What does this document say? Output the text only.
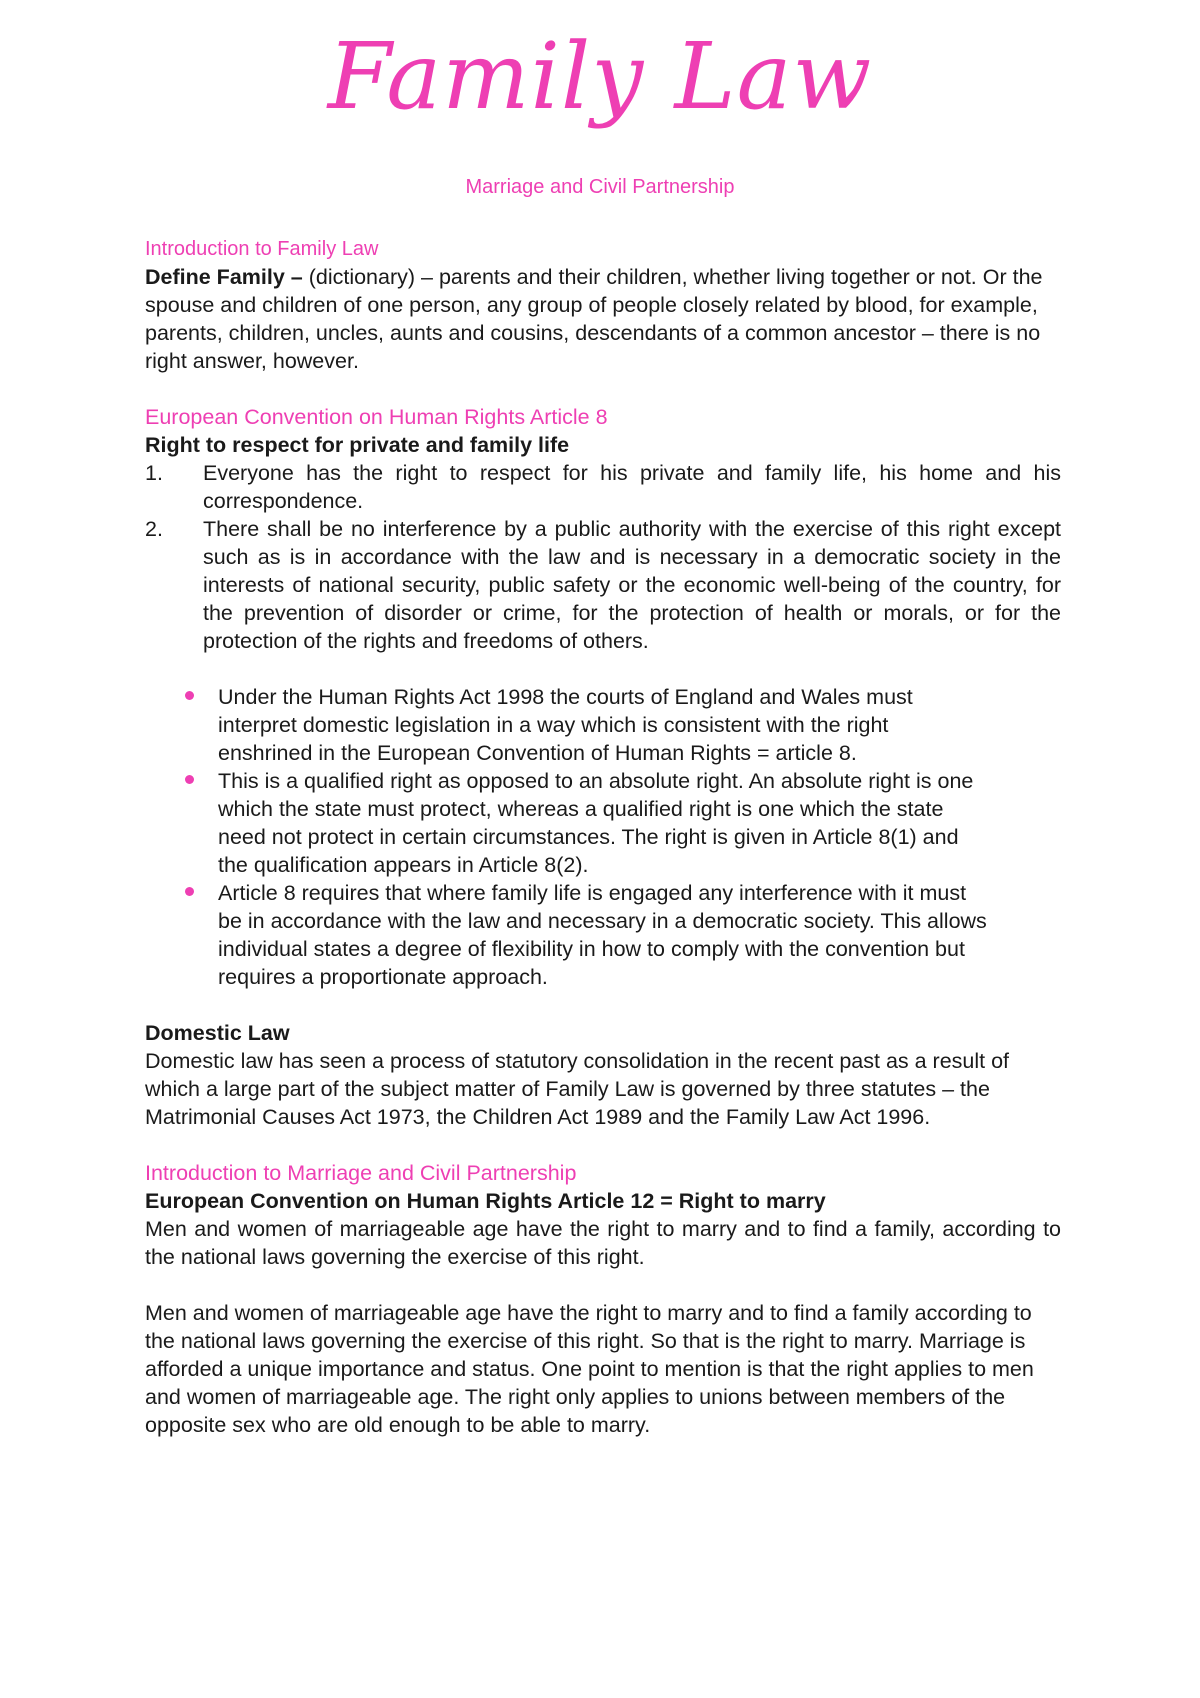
Family Law
Marriage and Civil Partnership

Introduction to Family Law

Define Family – (dictionary) – parents and their children, whether living together or not. Or the spouse and children of one person, any group of people closely related by blood, for example, parents, children, uncles, aunts and cousins, descendants of a common ancestor – there is no right answer, however.

European Convention on Human Rights Article 8

Right to respect for private and family life

1. Everyone has the right to respect for his private and family life, his home and his correspondence.
2. There shall be no interference by a public authority with the exercise of this right except such as is in accordance with the law and is necessary in a democratic society in the interests of national security, public safety or the economic well-being of the country, for the prevention of disorder or crime, for the protection of health or morals, or for the protection of the rights and freedoms of others.
Under the Human Rights Act 1998 the courts of England and Wales must interpret domestic legislation in a way which is consistent with the right enshrined in the European Convention of Human Rights = article 8.
This is a qualified right as opposed to an absolute right. An absolute right is one which the state must protect, whereas a qualified right is one which the state need not protect in certain circumstances. The right is given in Article 8(1) and the qualification appears in Article 8(2).
Article 8 requires that where family life is engaged any interference with it must be in accordance with the law and necessary in a democratic society. This allows individual states a degree of flexibility in how to comply with the convention but requires a proportionate approach.

Domestic Law

Domestic law has seen a process of statutory consolidation in the recent past as a result of which a large part of the subject matter of Family Law is governed by three statutes – the Matrimonial Causes Act 1973, the Children Act 1989 and the Family Law Act 1996.

Introduction to Marriage and Civil Partnership

European Convention on Human Rights Article 12 = Right to marry

Men and women of marriageable age have the right to marry and to find a family, according to the national laws governing the exercise of this right.

Men and women of marriageable age have the right to marry and to find a family according to the national laws governing the exercise of this right. So that is the right to marry. Marriage is afforded a unique importance and status. One point to mention is that the right applies to men and women of marriageable age. The right only applies to unions between members of the opposite sex who are old enough to be able to marry.
